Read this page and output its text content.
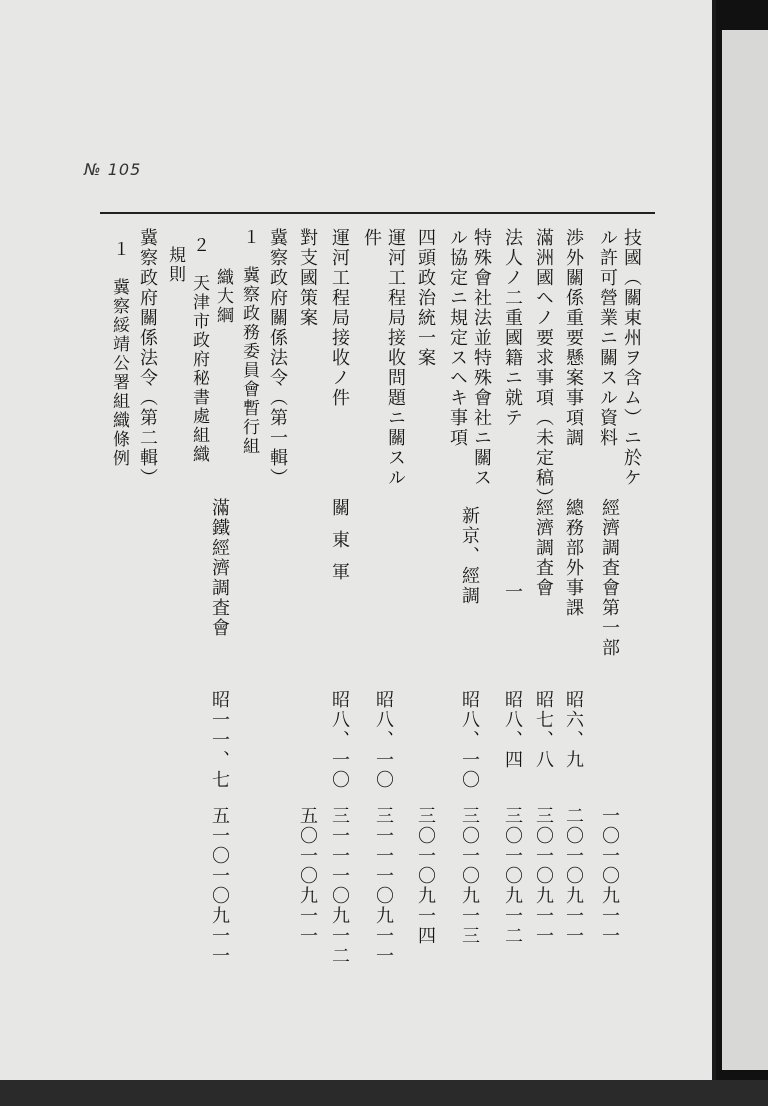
№ 105
技國（關東州ヲ含ム）ニ於ケ
ル許可營業ニ關スル資料
經濟調査會第一部
一〇一〇九一一
渉外關係重要懸案事項調
總務部外事課
昭六、九
二〇一〇九一一
滿洲國ヘノ要求事項（未定稿）
經濟調査會
昭七、八
三〇一〇九一一
法人ノ二重國籍ニ就テ
一
昭八、四
三〇一〇九一二
特殊會社法並特殊會社ニ關ス
ル協定ニ規定スヘキ事項
新京、經調
昭八、一〇
三〇一〇九一三
四頭政治統一案
三〇一〇九一四
運河工程局接收問題ニ關スル
件
昭八、一〇
三一一一〇九一一
運河工程局接收ノ件
關東軍
昭八、一〇
三一一一〇九一二
對支國策案
五〇一〇九一一
冀察政府關係法令（第一輯）
１　冀察政務委員會暫行組
織大綱
２　天津市政府秘書處組織
規則
滿鐵經濟調査會
昭一一、七
五一〇一〇九一一
冀察政府關係法令（第二輯）
１　冀察綏靖公署組織條例
